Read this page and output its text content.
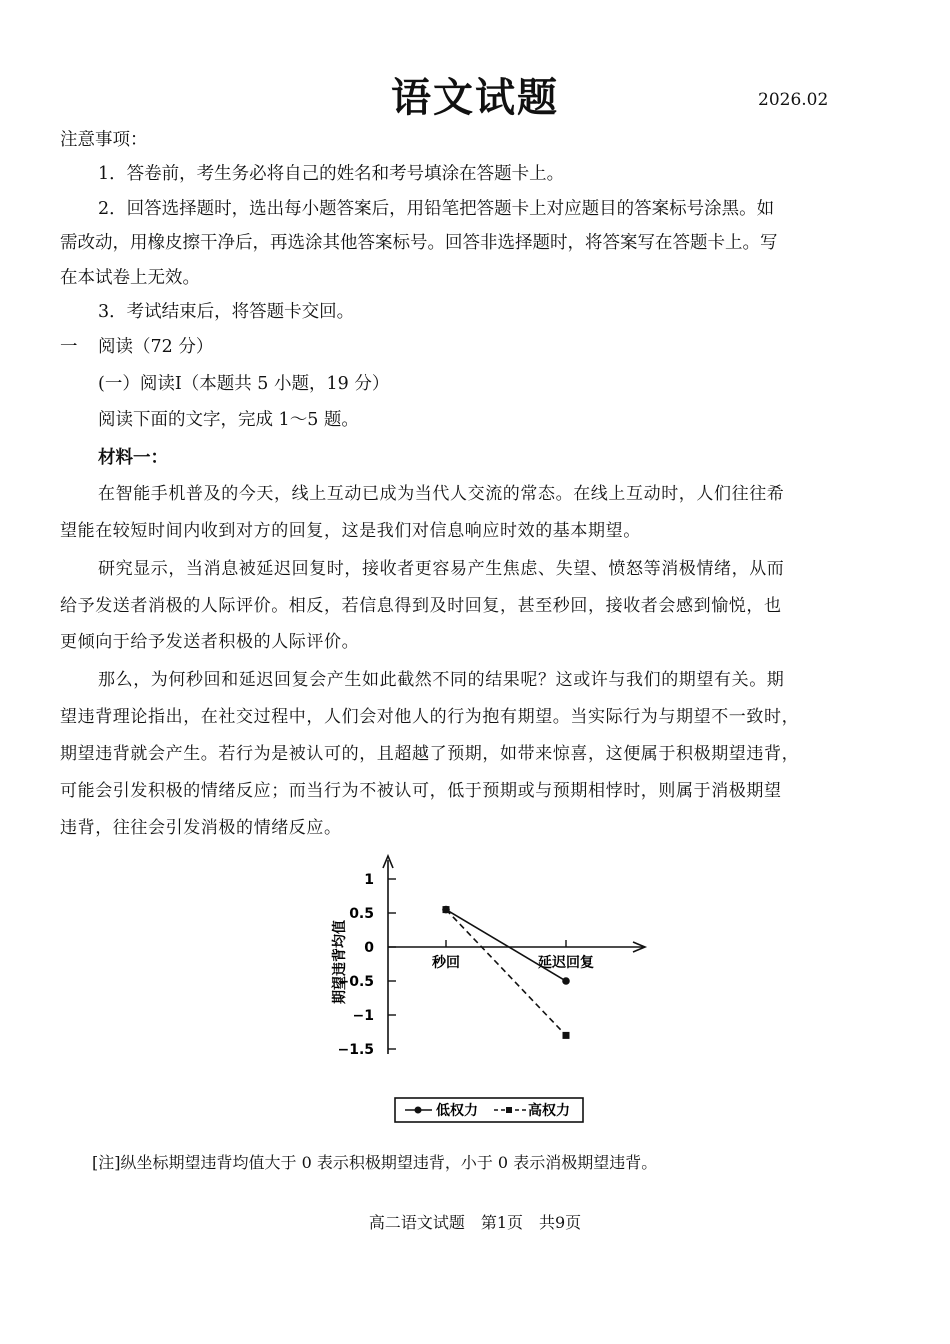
语文试题	2026.02
注意事项：
1．答卷前，考生务必将自己的姓名和考号填涂在答题卡上。
2．回答选择题时，选出每小题答案后，用铅笔把答题卡上对应题目的答案标号涂黑。如
需改动，用橡皮擦干净后，再选涂其他答案标号。回答非选择题时，将答案写在答题卡上。写
在本试卷上无效。
3．考试结束后，将答题卡交回。
一 阅读（72 分）
(一）阅读I（本题共 5 小题，19 分）
阅读下面的文字，完成 1～5 题。
材料一：
在智能手机普及的今天，线上互动已成为当代人交流的常态。在线上互动时，人们往往希
望能在较短时间内收到对方的回复，这是我们对信息响应时效的基本期望。
研究显示，当消息被延迟回复时，接收者更容易产生焦虑、失望、愤怒等消极情绪，从而
给予发送者消极的人际评价。相反，若信息得到及时回复，甚至秒回，接收者会感到愉悦，也
更倾向于给予发送者积极的人际评价。
那么，为何秒回和延迟回复会产生如此截然不同的结果呢？这或许与我们的期望有关。期
望违背理论指出，在社交过程中，人们会对他人的行为抱有期望。当实际行为与期望不一致时，
期望违背就会产生。若行为是被认可的，且超越了预期，如带来惊喜，这便属于积极期望违背，
可能会引发积极的情绪反应；而当行为不被认可，低于预期或与预期相悖时，则属于消极期望
违背，往往会引发消极的情绪反应。
1
0.5
0
−0.5
−1
−1.5
秒回	延迟回复
期望违背均值
低权力	高权力
[注]纵坐标期望违背均值大于 0 表示积极期望违背，小于 0 表示消极期望违背。
高二语文试题　第1页　共9页
